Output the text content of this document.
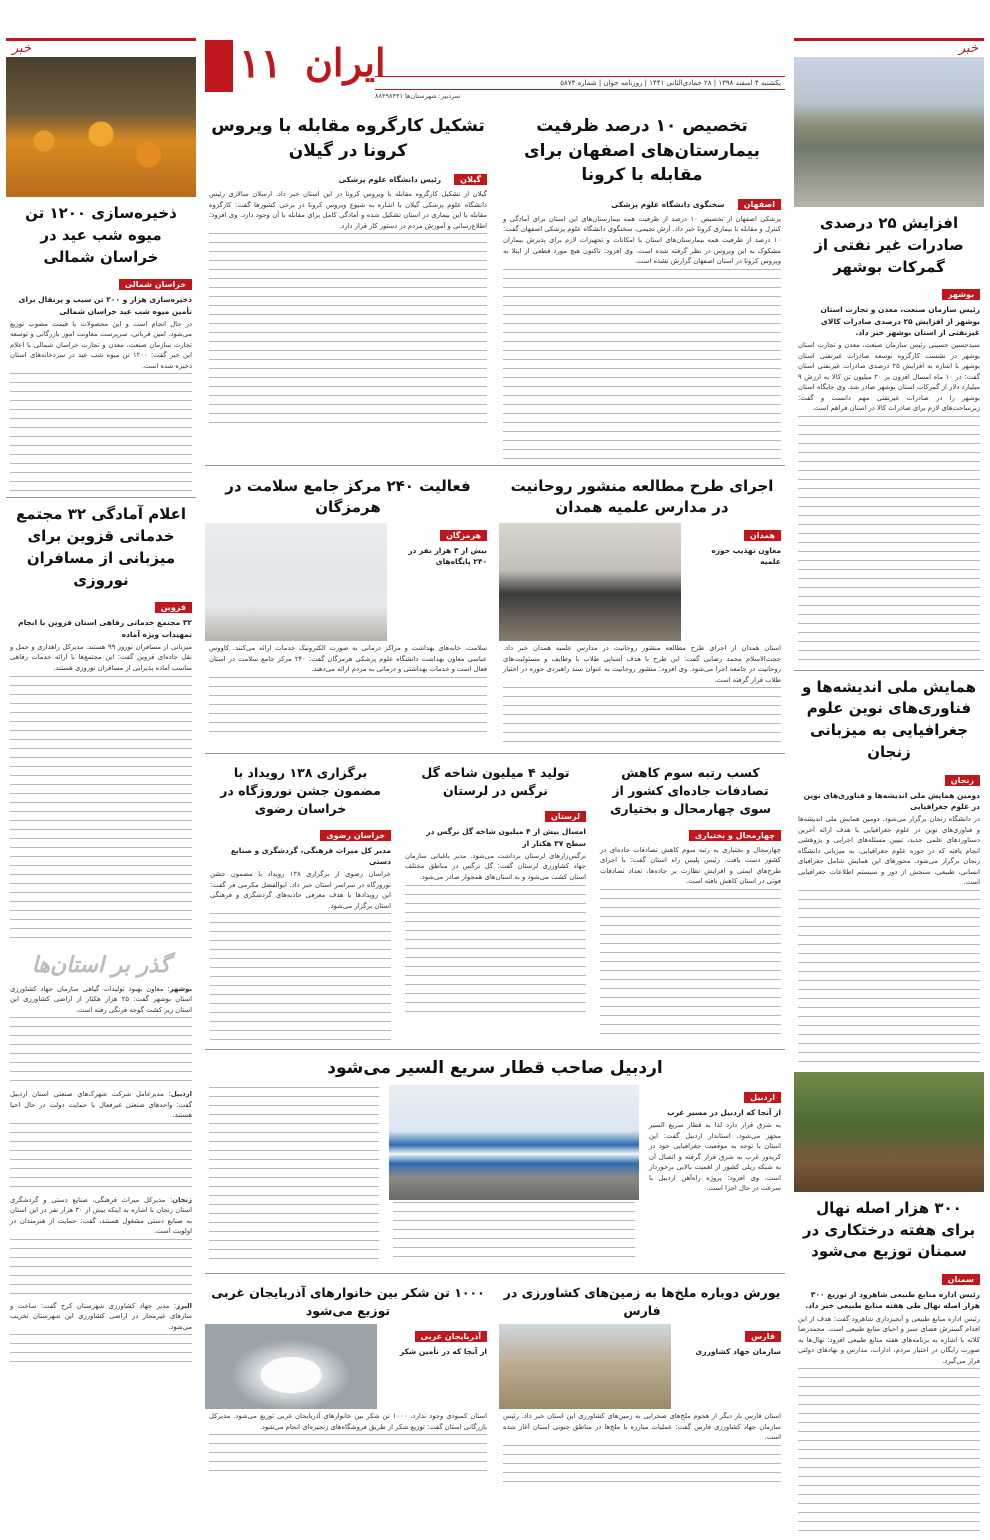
۱۱ ایران	یکشنبه ۴ اسفند ۱۳۹۸ | ۲۸ جمادی‌الثانی ۱۴۴۱ | روزنامه جوان | شماره ۵۸۷۴
سردبیر: شهرستان‌ها ۸۸۴۹۸۴۴۱
خبر
افزایش ۲۵ درصدی صادرات غیر نفتی از گمرکات بوشهر
بوشهر
رئیس سازمان صنعت، معدن و تجارت استان بوشهر از افزایش ۲۵ درصدی صادرات کالای غیرنفتی از استان بوشهر خبر داد.
سیدحسین حسینی رئیس سازمان صنعت، معدن و تجارت استان بوشهر در نشست کارگروه توسعه صادرات غیرنفتی استان بوشهر با اشاره به افزایش ۲۵ درصدی صادرات غیرنفتی استان گفت: در ۱۰ ماه امسال افزون بر ۲۰ میلیون تن کالا به ارزش ۹ میلیارد دلار از گمرکات استان بوشهر صادر شد. وی جایگاه استان بوشهر را در صادرات غیرنفتی مهم دانست و گفت: زیرساخت‌های لازم برای صادرات کالا در استان فراهم است.
همایش ملی اندیشه‌ها و فناوری‌های نوین علوم جغرافیایی به میزبانی زنجان
زنجان
دومین همایش ملی اندیشه‌ها و فناوری‌های نوین در علوم جغرافیایی
در دانشگاه زنجان برگزار می‌شود. دومین همایش ملی اندیشه‌ها و فناوری‌های نوین در علوم جغرافیایی با هدف ارائه آخرین دستاوردهای علمی جدید، تبیین مسئله‌های اجرایی و پژوهشی انجام یافته که در حوزه علوم جغرافیایی، به میزبانی دانشگاه زنجان برگزار می‌شود. محورهای این همایش شامل جغرافیای انسانی، طبیعی، سنجش از دور و سیستم اطلاعات جغرافیایی است.
۳۰۰ هزار اصله نهال برای هفته درختکاری در سمنان توزیع می‌شود
سمنان
رئیس اداره منابع طبیعی شاهرود از توزیع ۳۰۰ هزار اصله نهال طی هفته منابع طبیعی خبر داد.
رئیس اداره منابع طبیعی و آبخیزداری شاهرود گفت: هدف از این اقدام گسترش فضای سبز و احیای منابع طبیعی است. محمدرضا کلاته با اشاره به برنامه‌های هفته منابع طبیعی افزود: نهال‌ها به صورت رایگان در اختیار مردم، ادارات، مدارس و نهادهای دولتی قرار می‌گیرد.
تخصیص ۱۰ درصد ظرفیت بیمارستان‌های اصفهان برای مقابله با کرونا
اصفهان سخنگوی دانشگاه علوم پزشکی
پزشکی اصفهان از تخصیص ۱۰ درصد از ظرفیت همه بیمارستان‌های این استان برای آمادگی و کنترل و مقابله با بیماری کرونا خبر داد. آرش نجیمی، سخنگوی دانشگاه علوم پزشکی اصفهان گفت: ۱۰ درصد از ظرفیت همه بیمارستان‌های استان با امکانات و تجهیزات لازم برای پذیرش بیماران مشکوک به این ویروس در نظر گرفته شده است. وی افزود: تاکنون هیچ مورد قطعی از ابتلا به ویروس کرونا در استان اصفهان گزارش نشده است.
تشکیل کارگروه مقابله با ویروس کرونا در گیلان
گیلان رئیس دانشگاه علوم پزشکی
گیلان از تشکیل کارگروه مقابله با ویروس کرونا در این استان خبر داد. ارسلان سالاری رئیس دانشگاه علوم پزشکی گیلان با اشاره به شیوع ویروس کرونا در برخی کشورها گفت: کارگروه مقابله با این بیماری در استان تشکیل شده و آمادگی کامل برای مقابله با آن وجود دارد. وی افزود: اطلاع‌رسانی و آموزش مردم در دستور کار قرار دارد.
اجرای طرح مطالعه منشور روحانیت در مدارس علمیه همدان
همدان
معاون تهذیب حوزه علمیه
استان همدان از اجرای طرح مطالعه منشور روحانیت در مدارس علمیه همدان خبر داد. حجت‌الاسلام محمد رضایی گفت: این طرح با هدف آشنایی طلاب با وظایف و مسئولیت‌های روحانیت در جامعه اجرا می‌شود. وی افزود: منشور روحانیت به عنوان سند راهبردی حوزه در اختیار طلاب قرار گرفته است.
فعالیت ۲۴۰ مرکز جامع سلامت در هرمزگان
هرمزگان
بیش از ۳ هزار نفر در ۲۴۰ پایگاه‌های
سلامت، خانه‌های بهداشت و مراکز درمانی به صورت الکترونیک خدمات ارائه می‌کنند. کاووس عباسی معاون بهداشت دانشگاه علوم پزشکی هرمزگان گفت: ۲۴۰ مرکز جامع سلامت در استان فعال است و خدمات بهداشتی و درمانی به مردم ارائه می‌دهند.
کسب رتبه سوم کاهش تصادفات جاده‌ای کشور از سوی چهارمحال و بختیاری
چهارمحال و بختیاری
چهارمحال و بختیاری به رتبه سوم کاهش تصادفات جاده‌ای در کشور دست یافت. رئیس پلیس راه استان گفت: با اجرای طرح‌های ایمنی و افزایش نظارت بر جاده‌ها، تعداد تصادفات فوتی در استان کاهش یافته است.
تولید ۴ میلیون شاخه گل نرگس در لرستان
لرستان
امسال بیش از ۴ میلیون شاخه گل نرگس در سطح ۳۷ هکتار از
نرگس‌زارهای لرستان برداشت می‌شود. مدیر باغبانی سازمان جهاد کشاورزی لرستان گفت: گل نرگس در مناطق مختلف استان کشت می‌شود و به استان‌های همجوار صادر می‌شود.
برگزاری ۱۳۸ رویداد با مضمون جشن نوروزگاه در خراسان رضوی
خراسان رضوی
مدیر کل میراث فرهنگی، گردشگری و صنایع دستی
خراسان رضوی از برگزاری ۱۳۸ رویداد با مضمون جشن نوروزگاه در سراسر استان خبر داد. ابوالفضل مکرمی فر گفت: این رویدادها با هدف معرفی جاذبه‌های گردشگری و فرهنگی استان برگزار می‌شود.
اردبیل صاحب قطار سریع السیر می‌شود
اردبیل
از آنجا که اردبیل در مسیر غرب
به شرق قرار دارد لذا به قطار سریع السیر مجهز می‌شود. استاندار اردبیل گفت: این استان با توجه به موقعیت جغرافیایی خود در کریدور غرب به شرق قرار گرفته و اتصال آن به شبکه ریلی کشور از اهمیت بالایی برخوردار است. وی افزود: پروژه راه‌آهن اردبیل با سرعت در حال اجرا است.
یورش دوباره ملخ‌ها به زمین‌های کشاورزی در فارس
فارس
سازمان جهاد کشاورزی
استان فارس بار دیگر از هجوم ملخ‌های صحرایی به زمین‌های کشاورزی این استان خبر داد. رئیس سازمان جهاد کشاورزی فارس گفت: عملیات مبارزه با ملخ‌ها در مناطق جنوبی استان آغاز شده است.
۱۰۰۰ تن شکر بین خانوارهای آذربایجان غربی توزیع می‌شود
آذربایجان غربی
از آنجا که در تأمین شکر
استان کمبودی وجود ندارد، ۱۰۰۰ تن شکر بین خانوارهای آذربایجان غربی توزیع می‌شود. مدیرکل بازرگانی استان گفت: توزیع شکر از طریق فروشگاه‌های زنجیره‌ای انجام می‌شود.
خبر
ذخیره‌سازی ۱۲۰۰ تن میوه شب عید در خراسان شمالی
خراسان شمالی
ذخیره‌سازی هزار و ۲۰۰ تن سیب و پرتقال برای تأمین میوه شب عید خراسان شمالی
در حال انجام است و این محصولات با قیمت مصوب توزیع می‌شود. امین قربانی، سرپرست معاونت امور بازرگانی و توسعه تجارت سازمان صنعت، معدن و تجارت خراسان شمالی با اعلام این خبر گفت: ۱۲۰۰ تن میوه شب عید در سردخانه‌های استان ذخیره شده است.
اعلام آمادگی ۳۲ مجتمع خدماتی قزوین برای میزبانی از مسافران نوروزی
قزوین
۳۲ مجتمع خدماتی رفاهی استان قزوین با انجام تمهیدات ویژه آماده
میزبانی از مسافران نوروز ۹۹ هستند. مدیرکل راهداری و حمل و نقل جاده‌ای قزوین گفت: این مجتمع‌ها با ارائه خدمات رفاهی مناسب آماده پذیرایی از مسافران نوروزی هستند.
گذر بر استان‌ها
بوشهر: معاون بهبود تولیدات گیاهی سازمان جهاد کشاورزی استان بوشهر گفت: ۲۵ هزار هکتار از اراضی کشاورزی این استان زیر کشت گوجه فرنگی رفته است.
اردبیل: مدیرعامل شرکت شهرک‌های صنعتی استان اردبیل گفت: واحدهای صنعتی غیرفعال با حمایت دولت در حال احیا هستند.
زنجان: مدیرکل میراث فرهنگی، صنایع دستی و گردشگری استان زنجان با اشاره به اینکه بیش از ۳۰ هزار نفر در این استان به صنایع دستی مشغول هستند، گفت: حمایت از هنرمندان در اولویت است.
البرز: مدیر جهاد کشاورزی شهرستان کرج گفت: ساخت و سازهای غیرمجاز در اراضی کشاورزی این شهرستان تخریب می‌شود.
